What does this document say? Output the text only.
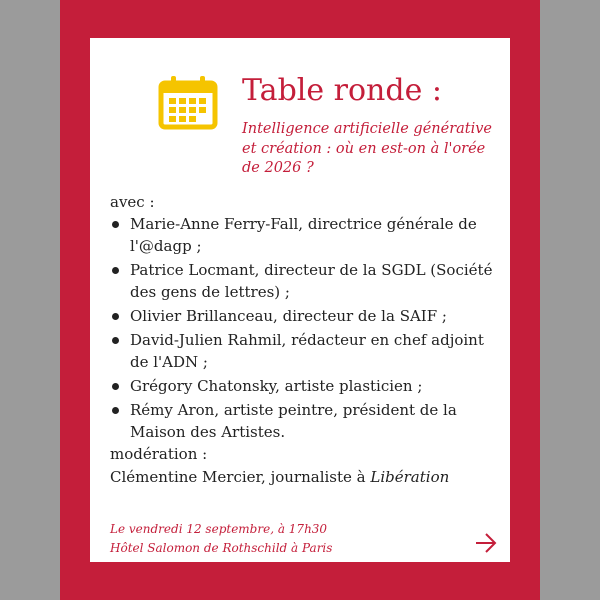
Table ronde :
Intelligence artificielle générative et création : où en est-on à l'orée de 2026 ?
avec :
Marie-Anne Ferry-Fall, directrice générale de l'@dagp ;
Patrice Locmant, directeur de la SGDL (Société des gens de lettres) ;
Olivier Brillanceau, directeur de la SAIF ;
David-Julien Rahmil, rédacteur en chef adjoint de l'ADN ;
Grégory Chatonsky, artiste plasticien ;
Rémy Aron, artiste peintre, président de la Maison des Artistes.
modération :
Clémentine Mercier, journaliste à Libération
Le vendredi 12 septembre, à 17h30
Hôtel Salomon de Rothschild à Paris
